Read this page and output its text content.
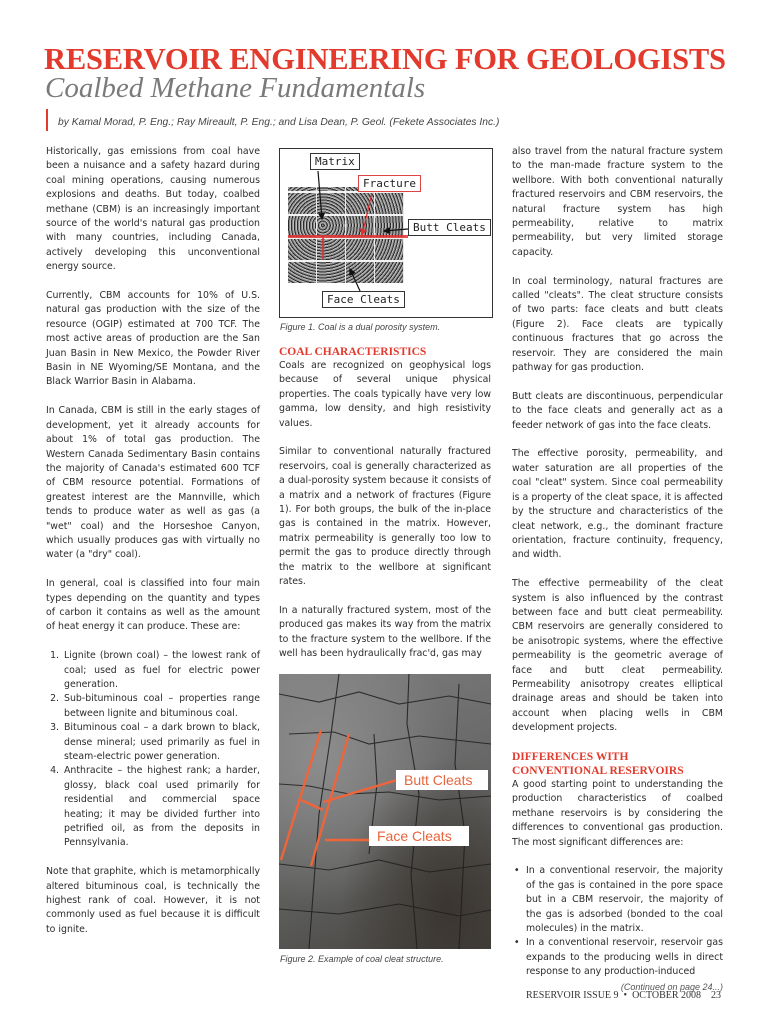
RESERVOIR ENGINEERING FOR GEOLOGISTS
Coalbed Methane Fundamentals
by Kamal Morad, P. Eng.; Ray Mireault, P. Eng.; and Lisa Dean, P. Geol. (Fekete Associates Inc.)

Historically, gas emissions from coal have been a nuisance and a safety hazard during coal mining operations, causing numerous explosions and deaths. But today, coalbed methane (CBM) is an increasingly important source of the world's natural gas production with many countries, including Canada, actively developing this unconventional energy source.

Currently, CBM accounts for 10% of U.S. natural gas production with the size of the resource (OGIP) estimated at 700 TCF. The most active areas of production are the San Juan Basin in New Mexico, the Powder River Basin in NE Wyoming/SE Montana, and the Black Warrior Basin in Alabama.

In Canada, CBM is still in the early stages of development, yet it already accounts for about 1% of total gas production. The Western Canada Sedimentary Basin contains the majority of Canada's estimated 600 TCF of CBM resource potential. Formations of greatest interest are the Mannville, which tends to produce water as well as gas (a "wet" coal) and the Horseshoe Canyon, which usually produces gas with virtually no water (a "dry" coal).

In general, coal is classified into four main types depending on the quantity and types of carbon it contains as well as the amount of heat energy it can produce. These are:

1. Lignite (brown coal) – the lowest rank of coal; used as fuel for electric power generation.
2. Sub-bituminous coal – properties range between lignite and bituminous coal.
3. Bituminous coal – a dark brown to black, dense mineral; used primarily as fuel in steam-electric power generation.
4. Anthracite – the highest rank; a harder, glossy, black coal used primarily for residential and commercial space heating; it may be divided further into petrified oil, as from the deposits in Pennsylvania.

Note that graphite, which is metamorphically altered bituminous coal, is technically the highest rank of coal. However, it is not commonly used as fuel because it is difficult to ignite.

Matrix
Fracture
Butt Cleats
Face Cleats
Figure 1. Coal is a dual porosity system.
COAL CHARACTERISTICS

Coals are recognized on geophysical logs because of several unique physical properties. The coals typically have very low gamma, low density, and high resistivity values.

Similar to conventional naturally fractured reservoirs, coal is generally characterized as a dual-porosity system because it consists of a matrix and a network of fractures (Figure 1). For both groups, the bulk of the in-place gas is contained in the matrix. However, matrix permeability is generally too low to permit the gas to produce directly through the matrix to the wellbore at significant rates.

In a naturally fractured system, most of the produced gas makes its way from the matrix to the fracture system to the wellbore. If the well has been hydraulically frac'd, gas may

Butt Cleats
Face Cleats
Figure 2. Example of coal cleat structure.

also travel from the natural fracture system to the man-made fracture system to the wellbore. With both conventional naturally fractured reservoirs and CBM reservoirs, the natural fracture system has high permeability, relative to matrix permeability, but very limited storage capacity.

In coal terminology, natural fractures are called "cleats". The cleat structure consists of two parts: face cleats and butt cleats (Figure 2). Face cleats are typically continuous fractures that go across the reservoir. They are considered the main pathway for gas production.

Butt cleats are discontinuous, perpendicular to the face cleats and generally act as a feeder network of gas into the face cleats.

The effective porosity, permeability, and water saturation are all properties of the coal "cleat" system. Since coal permeability is a property of the cleat space, it is affected by the structure and characteristics of the cleat network, e.g., the dominant fracture orientation, fracture continuity, frequency, and width.

The effective permeability of the cleat system is also influenced by the contrast between face and butt cleat permeability. CBM reservoirs are generally considered to be anisotropic systems, where the effective permeability is the geometric average of face and butt cleat permeability. Permeability anisotropy creates elliptical drainage areas and should be taken into account when placing wells in CBM development projects.

DIFFERENCES WITH
CONVENTIONAL RESERVOIRS

A good starting point to understanding the production characteristics of coalbed methane reservoirs is by considering the differences to conventional gas production. The most significant differences are:

• In a conventional reservoir, the majority of the gas is contained in the pore space but in a CBM reservoir, the majority of the gas is adsorbed (bonded to the coal molecules) in the matrix.
• In a conventional reservoir, reservoir gas expands to the producing wells in direct response to any production-induced
(Continued on page 24...)
RESERVOIR ISSUE 9 • OCTOBER 2008 23
